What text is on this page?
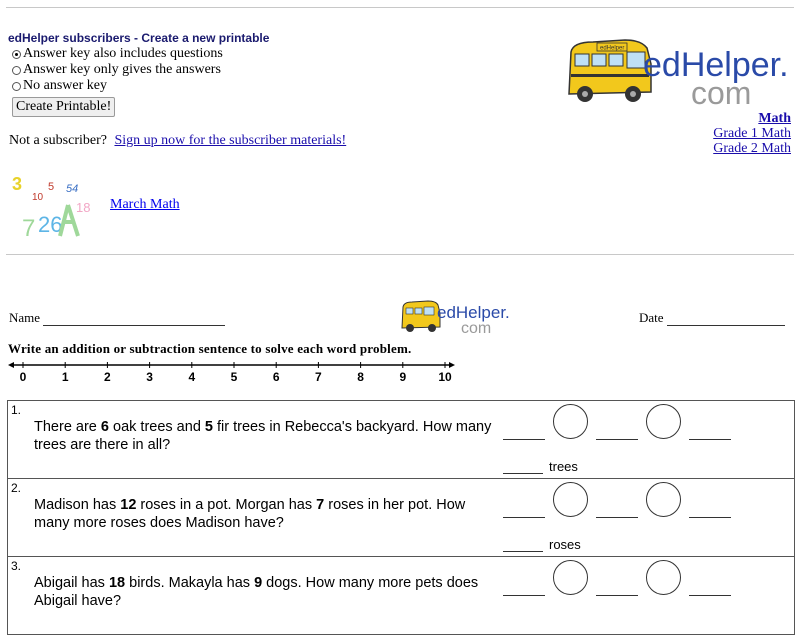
edHelper subscribers - Create a new printable
Answer key also includes questions
Answer key only gives the answers
No answer key
Create Printable!
Not a subscriber? Sign up now for the subscriber materials!
3
10
5 54
18
26
7
March Math
edHelper edHelper.
com
Math
Grade 1 Math
Grade 2 Math
Name	edHelper.
com
Date
Write an addition or subtraction sentence to solve each word problem.
0	1	2	3	4	5	6	7	8	9	10
1.
There are 6 oak trees and 5 fir trees in Rebecca's backyard. How many trees are there in all?
trees
2.
Madison has 12 roses in a pot. Morgan has 7 roses in her pot. How many more roses does Madison have?
roses
3.
Abigail has 18 birds. Makayla has 9 dogs. How many more pets does Abigail have?
